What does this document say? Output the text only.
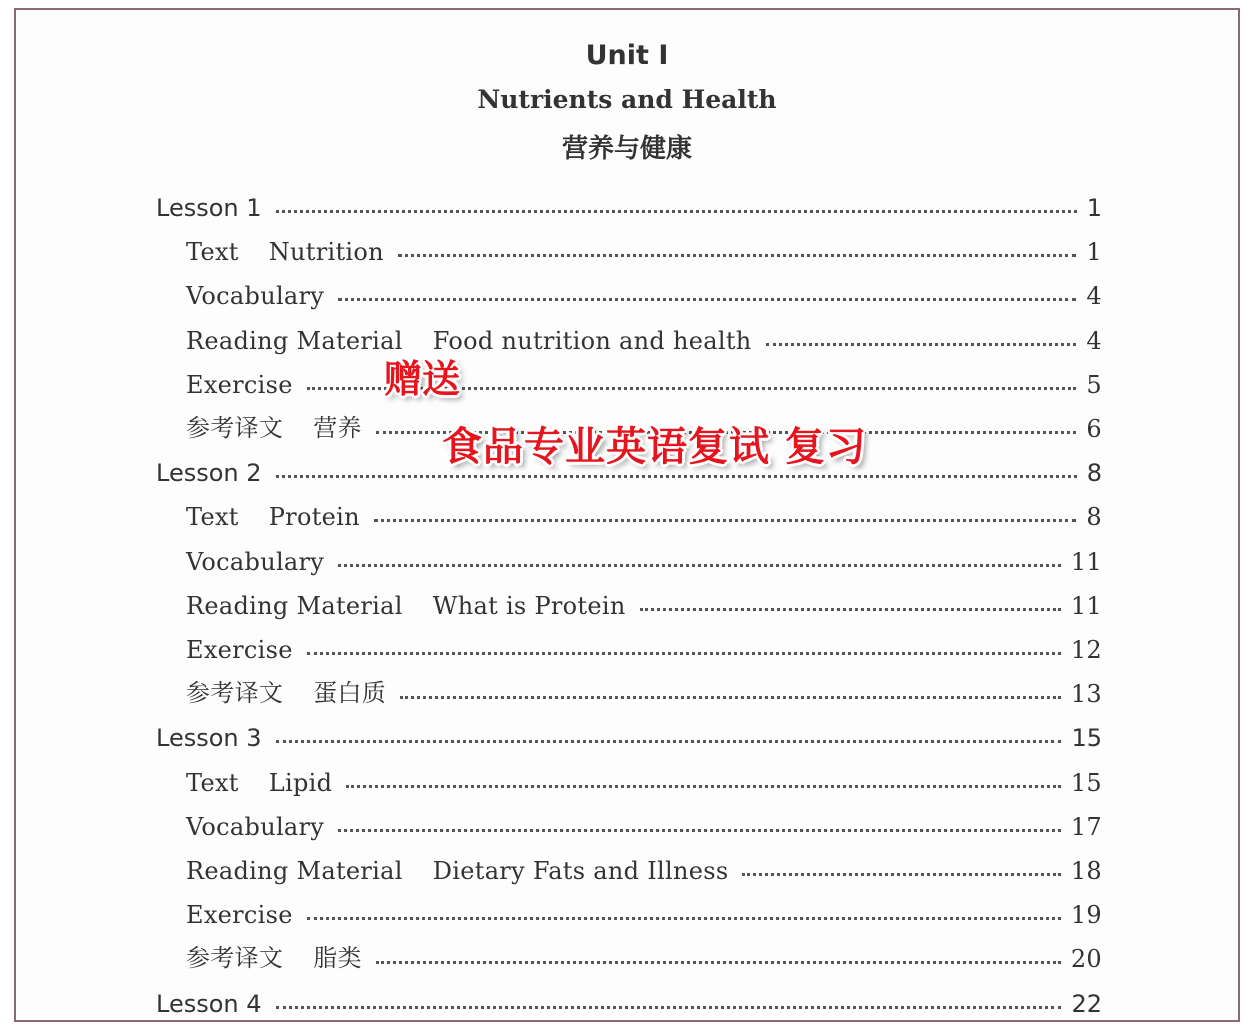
Unit Ⅰ
Nutrients and Health
营养与健康
Lesson 1	1
Text Nutrition	1
Vocabulary	4
Reading Material Food nutrition and health	4
Exercise	5
参考译文 营养	6
Lesson 2	8
Text Protein	8
Vocabulary	11
Reading Material What is Protein	11
Exercise	12
参考译文 蛋白质	13
Lesson 3	15
Text Lipid	15
Vocabulary	17
Reading Material Dietary Fats and Illness	18
Exercise	19
参考译文 脂类	20
Lesson 4	22
赠送
食品专业英语复试 复习
